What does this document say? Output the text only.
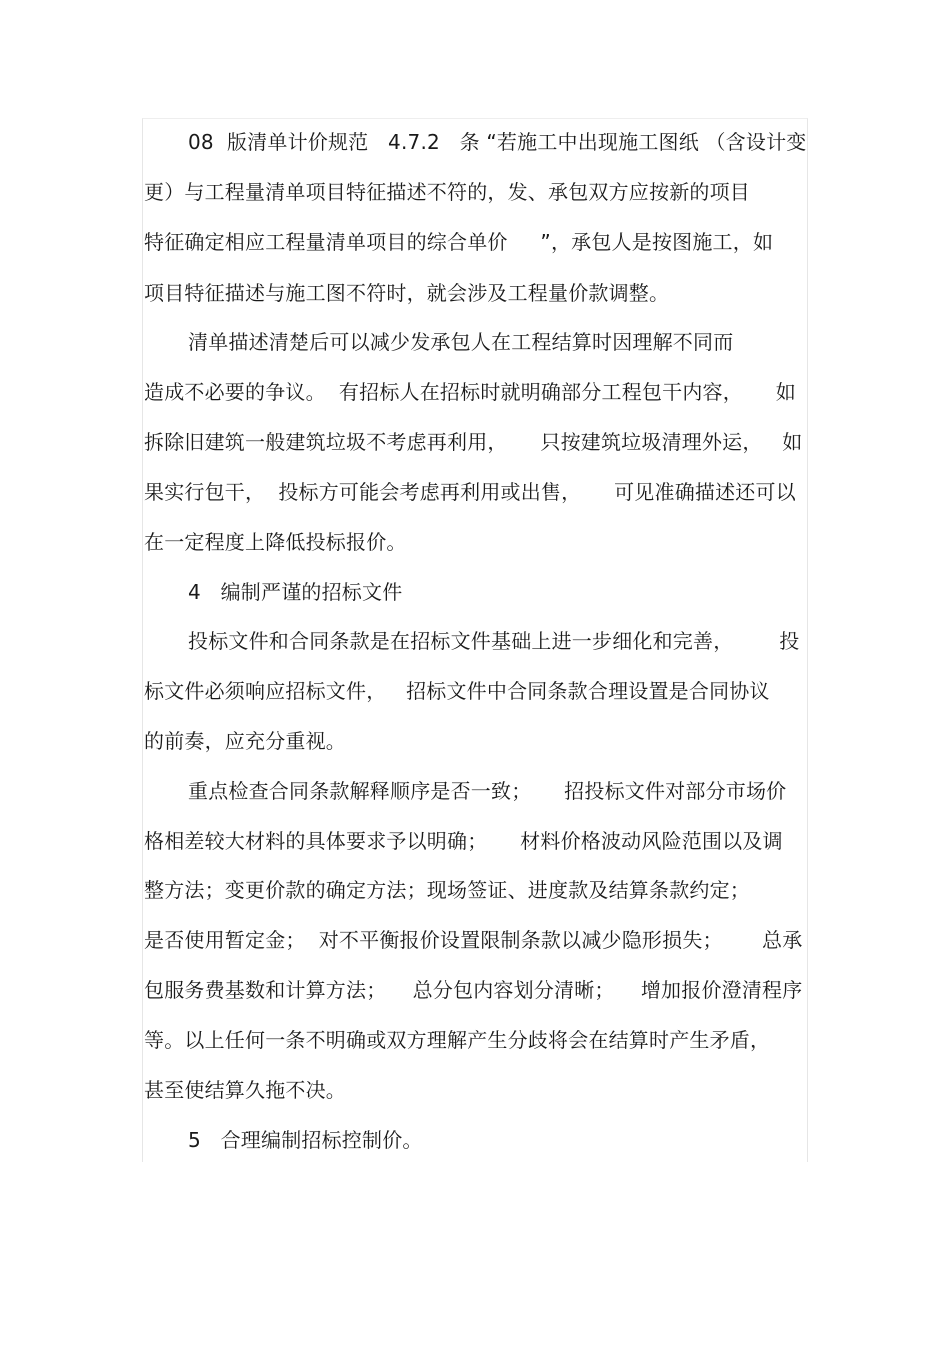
08  版清单计价规范   4.7.2   条 “若施工中出现施工图纸 （含设计变
更）与工程量清单项目特征描述不符的，发、承包双方应按新的项目
特征确定相应工程量清单项目的综合单价     ”，承包人是按图施工，如
项目特征描述与施工图不符时，就会涉及工程量价款调整。
清单描述清楚后可以减少发承包人在工程结算时因理解不同而
造成不必要的争议。  有招标人在招标时就明确部分工程包干内容，     如
拆除旧建筑一般建筑垃圾不考虑再利用，     只按建筑垃圾清理外运，   如
果实行包干，  投标方可能会考虑再利用或出售，     可见准确描述还可以
在一定程度上降低投标报价。
4   编制严谨的招标文件
投标文件和合同条款是在招标文件基础上进一步细化和完善，       投
标文件必须响应招标文件，   招标文件中合同条款合理设置是合同协议
的前奏，应充分重视。
重点检查合同条款解释顺序是否一致；     招投标文件对部分市场价
格相差较大材料的具体要求予以明确；     材料价格波动风险范围以及调
整方法；变更价款的确定方法；现场签证、进度款及结算条款约定；
是否使用暂定金；  对不平衡报价设置限制条款以减少隐形损失；      总承
包服务费基数和计算方法；    总分包内容划分清晰；    增加报价澄清程序
等。以上任何一条不明确或双方理解产生分歧将会在结算时产生矛盾，
甚至使结算久拖不决。
5   合理编制招标控制价。
